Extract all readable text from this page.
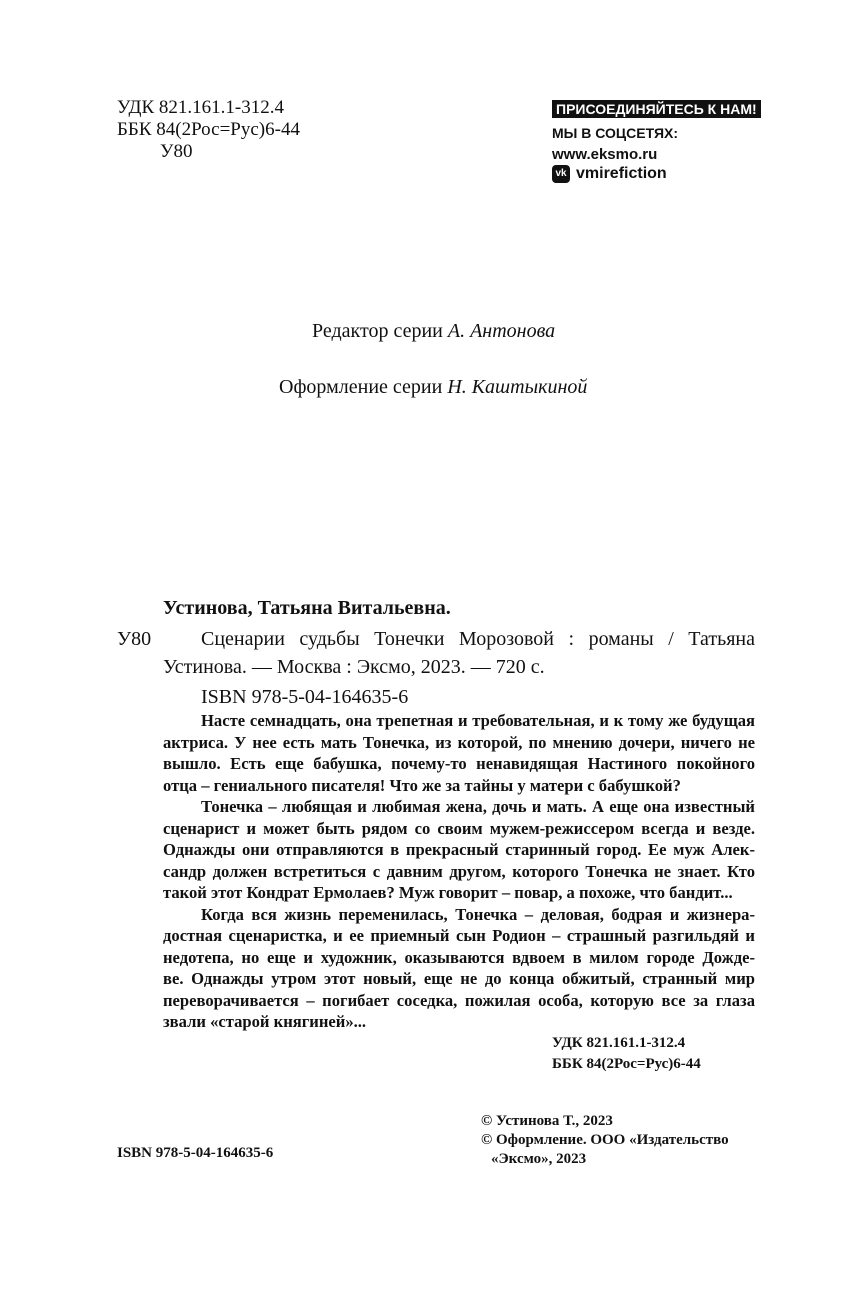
УДК 821.161.1-312.4
ББК 84(2Рос=Рус)6-44
У80
ПРИСОЕДИНЯЙТЕСЬ К НАМ!
МЫ В СОЦСЕТЯХ:
www.eksmo.ru
vk vmirefiction
Редактор серии А. Антонова
Оформление серии Н. Каштыкиной
Устинова, Татьяна Витальевна.
У80	Сценарии судьбы Тонечки Морозовой : романы / Татьяна
Устинова. — Москва : Эксмо, 2023. — 720 с.
ISBN 978-5-04-164635-6
Насте семнадцать, она трепетная и требовательная, и к тому же будущая
актриса. У нее есть мать Тонечка, из которой, по мнению дочери, ничего не
вышло. Есть еще бабушка, почему-то ненавидящая Настиного покойного
отца – гениального писателя! Что же за тайны у матери с бабушкой?
Тонечка – любящая и любимая жена, дочь и мать. А еще она известный
сценарист и может быть рядом со своим мужем-режиссером всегда и везде.
Однажды они отправляются в прекрасный старинный город. Ее муж Алек-
сандр должен встретиться с давним другом, которого Тонечка не знает. Кто
такой этот Кондрат Ермолаев? Муж говорит – повар, а похоже, что бандит...
Когда вся жизнь переменилась, Тонечка – деловая, бодрая и жизнера-
достная сценаристка, и ее приемный сын Родион – страшный разгильдяй и
недотепа, но еще и художник, оказываются вдвоем в милом городе Дожде-
ве. Однажды утром этот новый, еще не до конца обжитый, странный мир
переворачивается – погибает соседка, пожилая особа, которую все за глаза
звали «старой княгиней»...
УДК 821.161.1-312.4
ББК 84(2Рос=Рус)6-44
© Устинова Т., 2023
© Оформление. ООО «Издательство
«Эксмо», 2023
ISBN 978-5-04-164635-6
